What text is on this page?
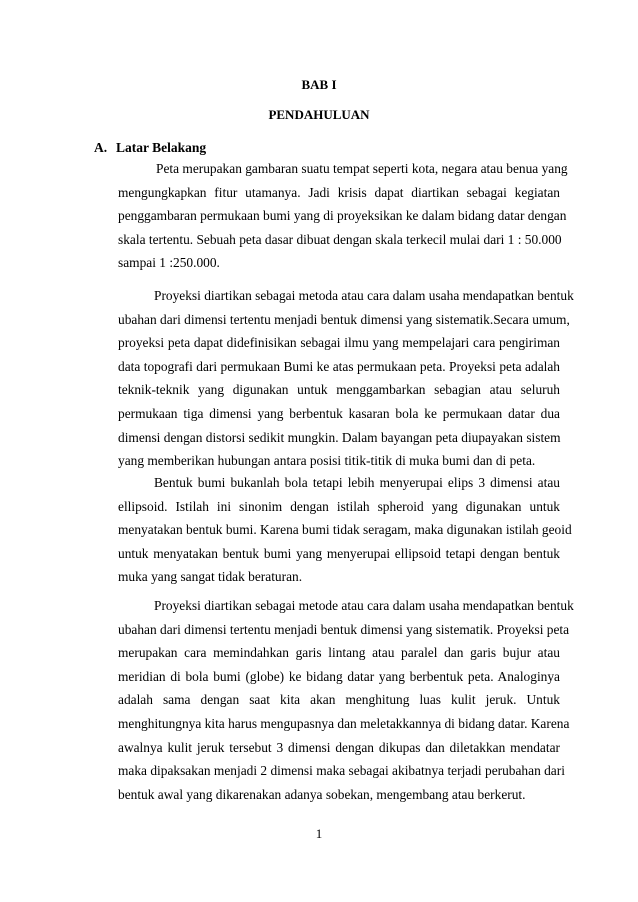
BAB I
PENDAHULUAN
A. Latar Belakang
Peta merupakan gambaran suatu tempat seperti kota, negara atau benua yang
mengungkapkan fitur utamanya. Jadi krisis dapat diartikan sebagai kegiatan
penggambaran permukaan bumi yang di proyeksikan ke dalam bidang datar dengan
skala tertentu. Sebuah peta dasar dibuat dengan skala terkecil mulai dari 1 : 50.000
sampai 1 :250.000.
Proyeksi diartikan sebagai metoda atau cara dalam usaha mendapatkan bentuk
ubahan dari dimensi tertentu menjadi bentuk dimensi yang sistematik.Secara umum,
proyeksi peta dapat didefinisikan sebagai ilmu yang mempelajari cara pengiriman
data topografi dari permukaan Bumi ke atas permukaan peta. Proyeksi peta adalah
teknik-teknik yang digunakan untuk menggambarkan sebagian atau seluruh
permukaan tiga dimensi yang berbentuk kasaran bola ke permukaan datar dua
dimensi dengan distorsi sedikit mungkin. Dalam bayangan peta diupayakan sistem
yang memberikan hubungan antara posisi titik-titik di muka bumi dan di peta.
Bentuk bumi bukanlah bola tetapi lebih menyerupai elips 3 dimensi atau
ellipsoid. Istilah ini sinonim dengan istilah spheroid yang digunakan untuk
menyatakan bentuk bumi. Karena bumi tidak seragam, maka digunakan istilah geoid
untuk menyatakan bentuk bumi yang menyerupai ellipsoid tetapi dengan bentuk
muka yang sangat tidak beraturan.
Proyeksi diartikan sebagai metode atau cara dalam usaha mendapatkan bentuk
ubahan dari dimensi tertentu menjadi bentuk dimensi yang sistematik. Proyeksi peta
merupakan cara memindahkan garis lintang atau paralel dan garis bujur atau
meridian di bola bumi (globe) ke bidang datar yang berbentuk peta. Analoginya
adalah sama dengan saat kita akan menghitung luas kulit jeruk. Untuk
menghitungnya kita harus mengupasnya dan meletakkannya di bidang datar. Karena
awalnya kulit jeruk tersebut 3 dimensi dengan dikupas dan diletakkan mendatar
maka dipaksakan menjadi 2 dimensi maka sebagai akibatnya terjadi perubahan dari
bentuk awal yang dikarenakan adanya sobekan, mengembang atau berkerut.
1
